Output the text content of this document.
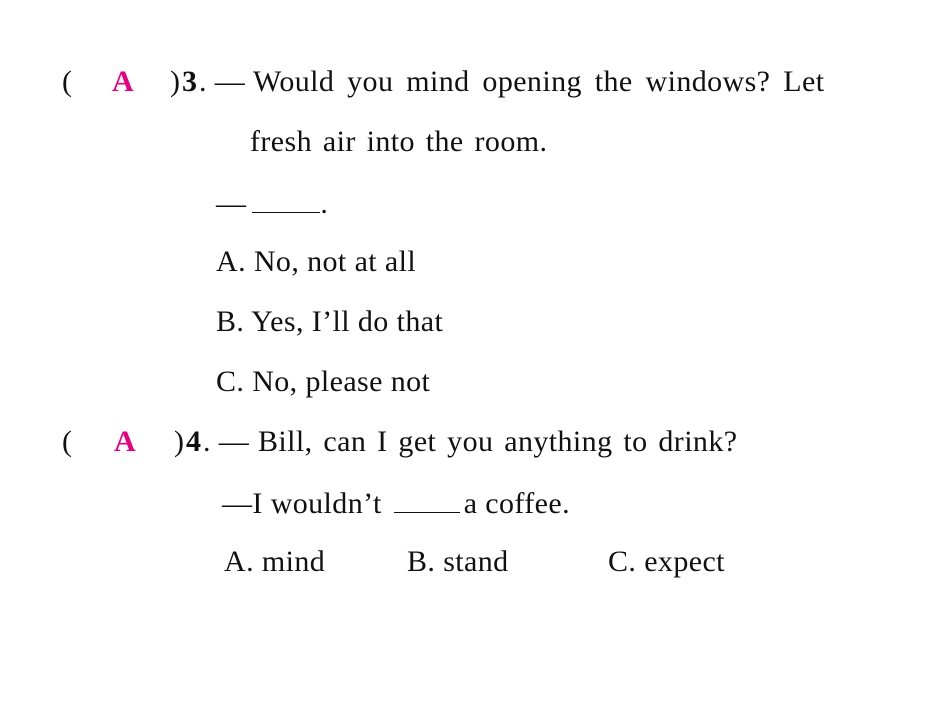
( A ) 3 . — Would you mind opening the windows? Let
fresh air into the room.
— .
A. No, not at all
B. Yes, I’ll do that
C. No, please not
( A ) 4 . — Bill, can I get you anything to drink?
—I wouldn’t	a coffee.
A. mind	B. stand	C. expect
